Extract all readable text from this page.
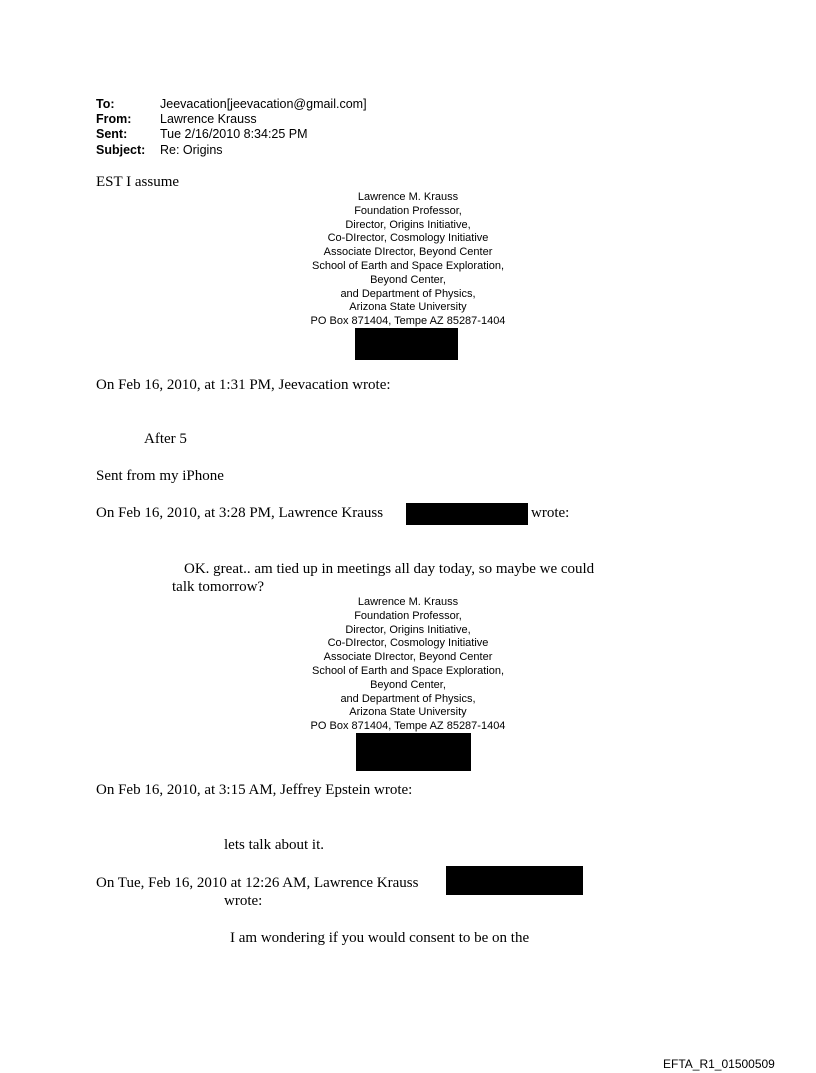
To:	Jeevacation[jeevacation@gmail.com]
From: Lawrence Krauss
Sent:	Tue 2/16/2010 8:34:25 PM
Subject: Re: Origins
EST I assume
Lawrence M. Krauss
Foundation Professor,
Director, Origins Initiative,
Co-DIrector, Cosmology Initiative
Associate DIrector, Beyond Center
School of Earth and Space Exploration,
Beyond Center,
and Department of Physics,
Arizona State University
PO Box 871404, Tempe AZ 85287-1404
On Feb 16, 2010, at 1:31 PM, Jeevacation wrote:
After 5
Sent from my iPhone
On Feb 16, 2010, at 3:28 PM, Lawrence Krauss	wrote:
OK. great.. am tied up in meetings all day today, so maybe we could
talk tomorrow?
Lawrence M. Krauss
Foundation Professor,
Director, Origins Initiative,
Co-DIrector, Cosmology Initiative
Associate DIrector, Beyond Center
School of Earth and Space Exploration,
Beyond Center,
and Department of Physics,
Arizona State University
PO Box 871404, Tempe AZ 85287-1404
On Feb 16, 2010, at 3:15 AM, Jeffrey Epstein wrote:
lets talk about it.
On Tue, Feb 16, 2010 at 12:26 AM, Lawrence Krauss
wrote:
I am wondering if you would consent to be on the
EFTA_R1_01500509
